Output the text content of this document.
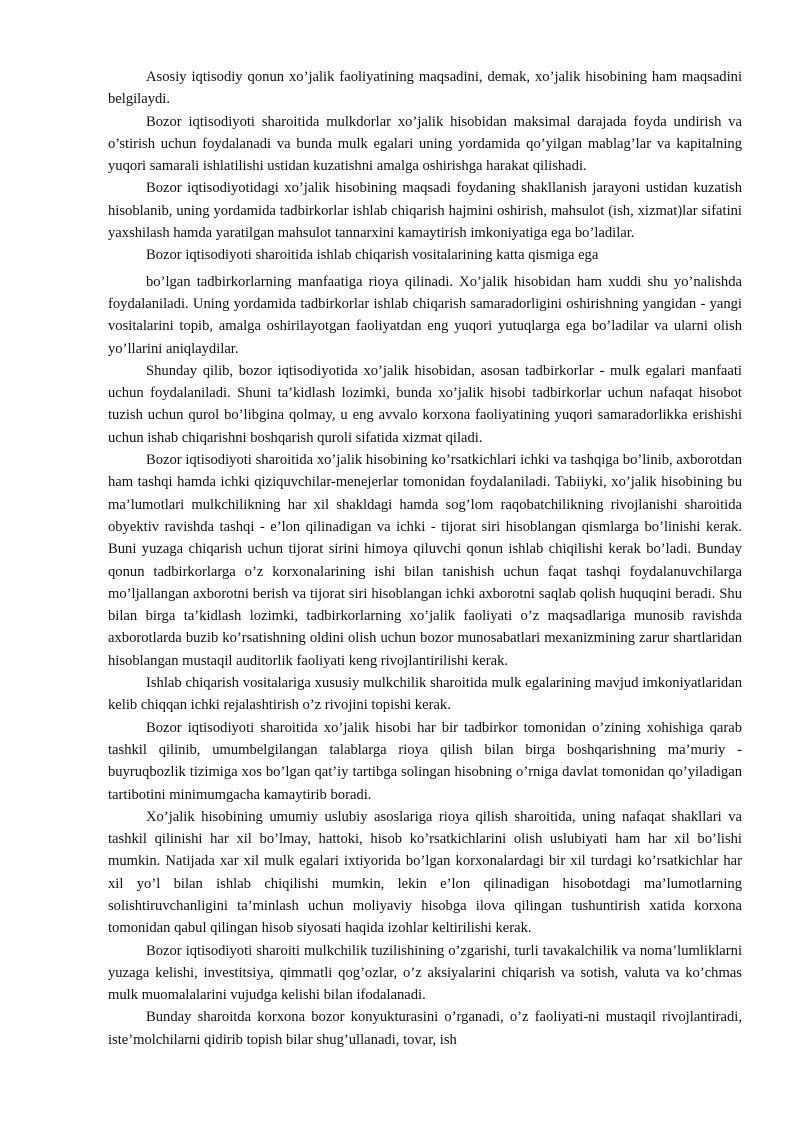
Asosiy iqtisodiy qonun xo’jalik faoliyatining maqsadini, demak, xo’jalik hisobining ham maqsadini belgilaydi.

Bozor iqtisodiyoti sharoitida mulkdorlar xo’jalik hisobidan maksimal darajada foyda undirish va o’stirish uchun foydalanadi va bunda mulk egalari uning yordamida qo’yilgan mablag’lar va kapitalning yuqori samarali ishlatilishi ustidan kuzatishni amalga oshirishga harakat qilishadi.

Bozor iqtisodiyotidagi xo’jalik hisobining maqsadi foydaning shakllanish jarayoni ustidan kuzatish hisoblanib, uning yordamida tadbirkorlar ishlab chiqarish hajmini oshirish, mahsulot (ish, xizmat)lar sifatini yaxshilash hamda yaratilgan mahsulot tannarxini kamaytirish imkoniyatiga ega bo’ladilar.

Bozor iqtisodiyoti sharoitida ishlab chiqarish vositalarining katta qismiga ega

bo’lgan tadbirkorlarning manfaatiga rioya qilinadi. Xo’jalik hisobidan ham xuddi shu yo’nalishda foydalaniladi. Uning yordamida tadbirkorlar ishlab chiqarish samaradorligini oshirishning yangidan - yangi vositalarini topib, amalga oshirilayotgan faoliyatdan eng yuqori yutuqlarga ega bo’ladilar va ularni olish yo’llarini aniqlaydilar.

Shunday qilib, bozor iqtisodiyotida xo’jalik hisobidan, asosan tadbirkorlar - mulk egalari manfaati uchun foydalaniladi. Shuni ta’kidlash lozimki, bunda xo’jalik hisobi tadbirkorlar uchun nafaqat hisobot tuzish uchun qurol bo’libgina qolmay, u eng avvalo korxona faoliyatining yuqori samaradorlikka erishishi uchun ishab chiqarishni boshqarish quroli sifatida xizmat qiladi.

Bozor iqtisodiyoti sharoitida xo’jalik hisobining ko’rsatkichlari ichki va tashqiga bo’linib, axborotdan ham tashqi hamda ichki qiziquvchilar-menejerlar tomonidan foydalaniladi. Tabiiyki, xo’jalik hisobining bu ma’lumotlari mulkchilikning har xil shakldagi hamda sog’lom raqobatchilikning rivojlanishi sharoitida obyektiv ravishda tashqi - e’lon qilinadigan va ichki - tijorat siri hisoblangan qismlarga bo’linishi kerak. Buni yuzaga chiqarish uchun tijorat sirini himoya qiluvchi qonun ishlab chiqilishi kerak bo’ladi. Bunday qonun tadbirkorlarga o’z korxonalarining ishi bilan tanishish uchun faqat tashqi foydalanuvchilarga mo’ljallangan axborotni berish va tijorat siri hisoblangan ichki axborotni saqlab qolish huquqini beradi. Shu bilan birga ta’kidlash lozimki, tadbirkorlarning xo’jalik faoliyati o’z maqsadlariga munosib ravishda axborotlarda buzib ko’rsatishning oldini olish uchun bozor munosabatlari mexanizmining zarur shartlaridan hisoblangan mustaqil auditorlik faoliyati keng rivojlantirilishi kerak.

Ishlab chiqarish vositalariga xususiy mulkchilik sharoitida mulk egalarining mavjud imkoniyatlaridan kelib chiqqan ichki rejalashtirish o’z rivojini topishi kerak.

Bozor iqtisodiyoti sharoitida xo’jalik hisobi har bir tadbirkor tomonidan o’zining xohishiga qarab tashkil qilinib, umumbelgilangan talablarga rioya qilish bilan birga boshqarishning ma’muriy - buyruqbozlik tizimiga xos bo’lgan qat’iy tartibga solingan hisobning o’rniga davlat tomonidan qo’yiladigan tartibotini minimumgacha kamaytirib boradi.

Xo’jalik hisobining umumiy uslubiy asoslariga rioya qilish sharoitida, uning nafaqat shakllari va tashkil qilinishi har xil bo’lmay, hattoki, hisob ko’rsatkichlarini olish uslubiyati ham har xil bo’lishi mumkin. Natijada xar xil mulk egalari ixtiyorida bo’lgan korxonalardagi bir xil turdagi ko’rsatkichlar har xil yo’l bilan ishlab chiqilishi mumkin, lekin e’lon qilinadigan hisobotdagi ma’lumotlarning solishtiruvchanligini ta’minlash uchun moliyaviy hisobga ilova qilingan tushuntirish xatida korxona tomonidan qabul qilingan hisob siyosati haqida izohlar keltirilishi kerak.

Bozor iqtisodiyoti sharoiti mulkchilik tuzilishining o’zgarishi, turli tavakalchilik va noma’lumliklarni yuzaga kelishi, investitsiya, qimmatli qog’ozlar, o’z aksiyalarini chiqarish va sotish, valuta va ko’chmas mulk muomalalarini vujudga kelishi bilan ifodalanadi.

Bunday sharoitda korxona bozor konyukturasini o’rganadi, o’z faoliyati-ni mustaqil rivojlantiradi, iste’molchilarni qidirib topish bilar shug’ullanadi, tovar, ish
